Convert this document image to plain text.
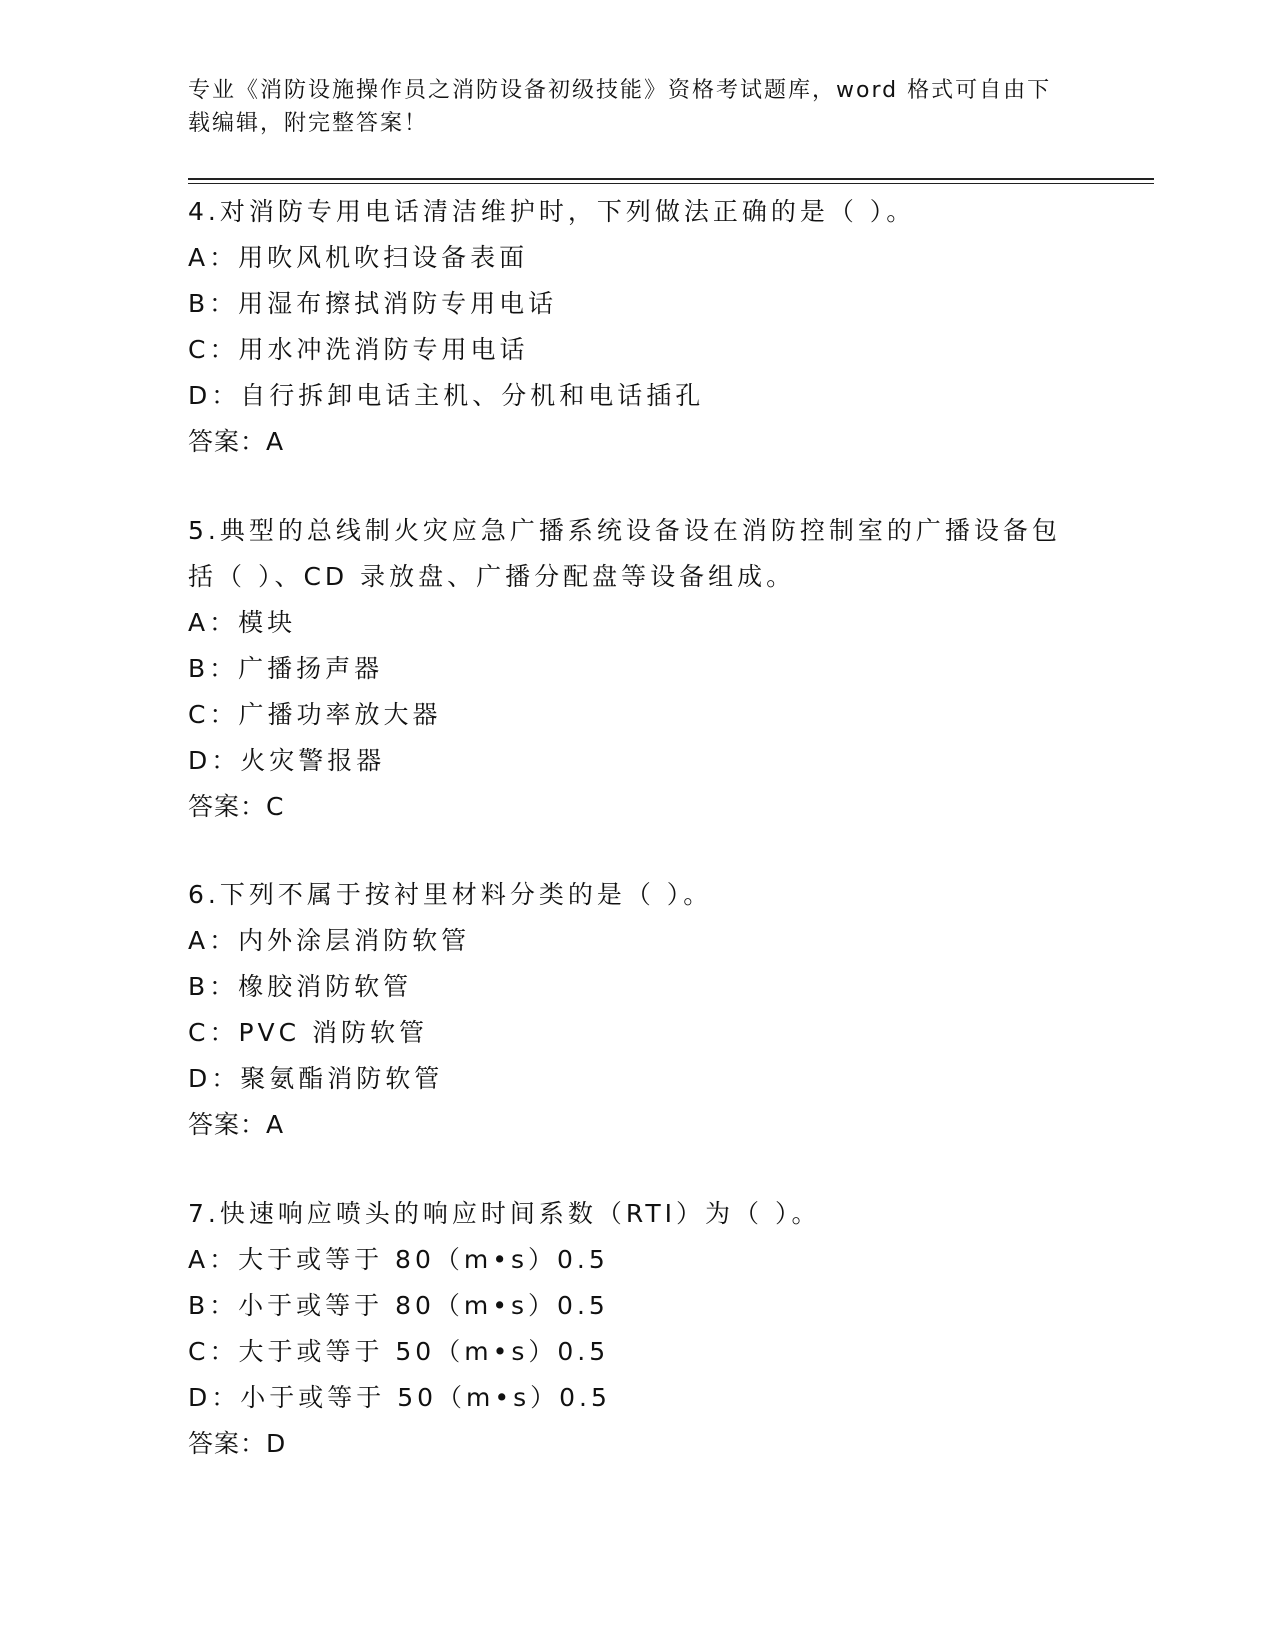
专业《消防设施操作员之消防设备初级技能》资格考试题库，word 格式可自由下载编辑，附完整答案！
4.对消防专用电话清洁维护时，下列做法正确的是（ ）。
A：用吹风机吹扫设备表面
B：用湿布擦拭消防专用电话
C：用水冲洗消防专用电话
D：自行拆卸电话主机、分机和电话插孔
答案：A
5.典型的总线制火灾应急广播系统设备设在消防控制室的广播设备包括（ ）、CD 录放盘、广播分配盘等设备组成。
A：模块
B：广播扬声器
C：广播功率放大器
D：火灾警报器
答案：C
6.下列不属于按衬里材料分类的是（ ）。
A：内外涂层消防软管
B：橡胶消防软管
C：PVC 消防软管
D：聚氨酯消防软管
答案：A
7.快速响应喷头的响应时间系数（RTI）为（ ）。
A：大于或等于 80（m•s）0.5
B：小于或等于 80（m•s）0.5
C：大于或等于 50（m•s）0.5
D：小于或等于 50（m•s）0.5
答案：D
